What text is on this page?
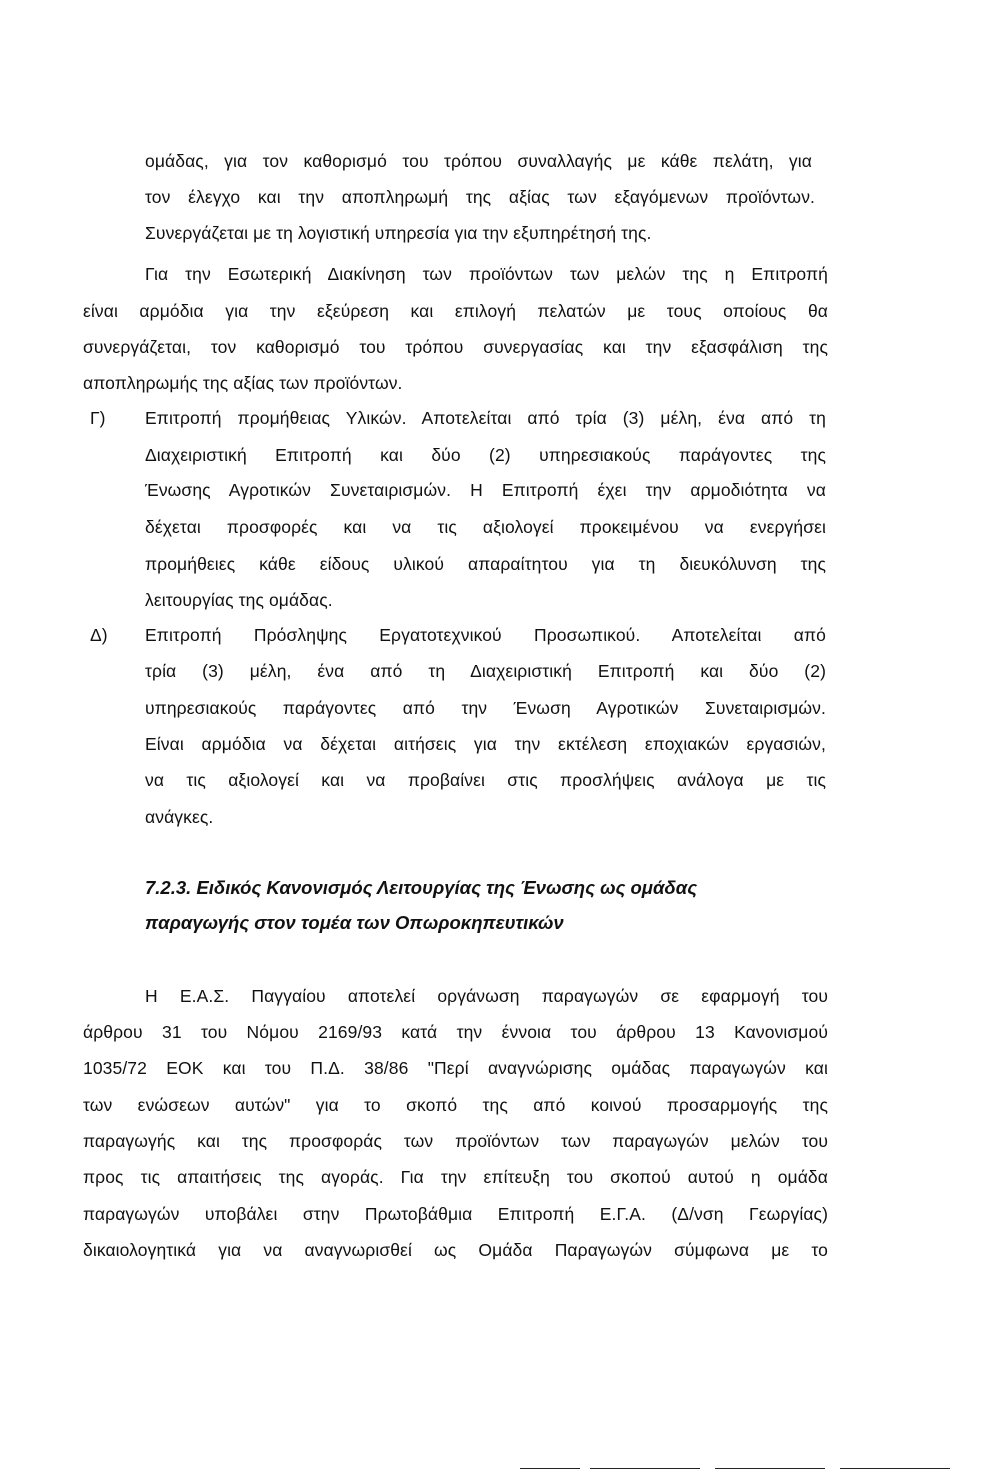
ομάδας, για τον καθορισμό του τρόπου συναλλαγής με κάθε πελάτη, για
τον έλεγχο και την αποπληρωμή της αξίας των εξαγόμενων προϊόντων.
Συνεργάζεται με τη λογιστική υπηρεσία για την εξυπηρέτησή της.
Για την Εσωτερική Διακίνηση των προϊόντων των μελών της η Επιτροπή
είναι αρμόδια για την εξεύρεση και επιλογή πελατών με τους οποίους θα
συνεργάζεται, τον καθορισμό του τρόπου συνεργασίας και την εξασφάλιση της
αποπληρωμής της αξίας των προϊόντων.
Γ) Επιτροπή προμήθειας Υλικών. Αποτελείται από τρία (3) μέλη, ένα από τη
Διαχειριστική Επιτροπή και δύο (2) υπηρεσιακούς παράγοντες της
Ένωσης Αγροτικών Συνεταιρισμών. Η Επιτροπή έχει την αρμοδιότητα να
δέχεται προσφορές και να τις αξιολογεί προκειμένου να ενεργήσει
προμήθειες κάθε είδους υλικού απαραίτητου για τη διευκόλυνση της
λειτουργίας της ομάδας.
Δ) Επιτροπή Πρόσληψης Εργατοτεχνικού Προσωπικού. Αποτελείται από
τρία (3) μέλη, ένα από τη Διαχειριστική Επιτροπή και δύο (2)
υπηρεσιακούς παράγοντες από την Ένωση Αγροτικών Συνεταιρισμών.
Είναι αρμόδια να δέχεται αιτήσεις για την εκτέλεση εποχιακών εργασιών,
να τις αξιολογεί και να προβαίνει στις προσλήψεις ανάλογα με τις
ανάγκες.
7.2.3. Ειδικός Κανονισμός Λειτουργίας της Ένωσης ως ομάδας
παραγωγής στον τομέα των Οπωροκηπευτικών
Η Ε.Α.Σ. Παγγαίου αποτελεί οργάνωση παραγωγών σε εφαρμογή του
άρθρου 31 του Νόμου 2169/93 κατά την έννοια του άρθρου 13 Κανονισμού
1035/72 ΕΟΚ και του Π.Δ. 38/86 "Περί αναγνώρισης ομάδας παραγωγών και
των ενώσεων αυτών" για το σκοπό της από κοινού προσαρμογής της
παραγωγής και της προσφοράς των προϊόντων των παραγωγών μελών του
προς τις απαιτήσεις της αγοράς. Για την επίτευξη του σκοπού αυτού η ομάδα
παραγωγών υποβάλει στην Πρωτοβάθμια Επιτροπή Ε.Γ.Α. (Δ/νση Γεωργίας)
δικαιολογητικά για να αναγνωρισθεί ως Ομάδα Παραγωγών σύμφωνα με το
